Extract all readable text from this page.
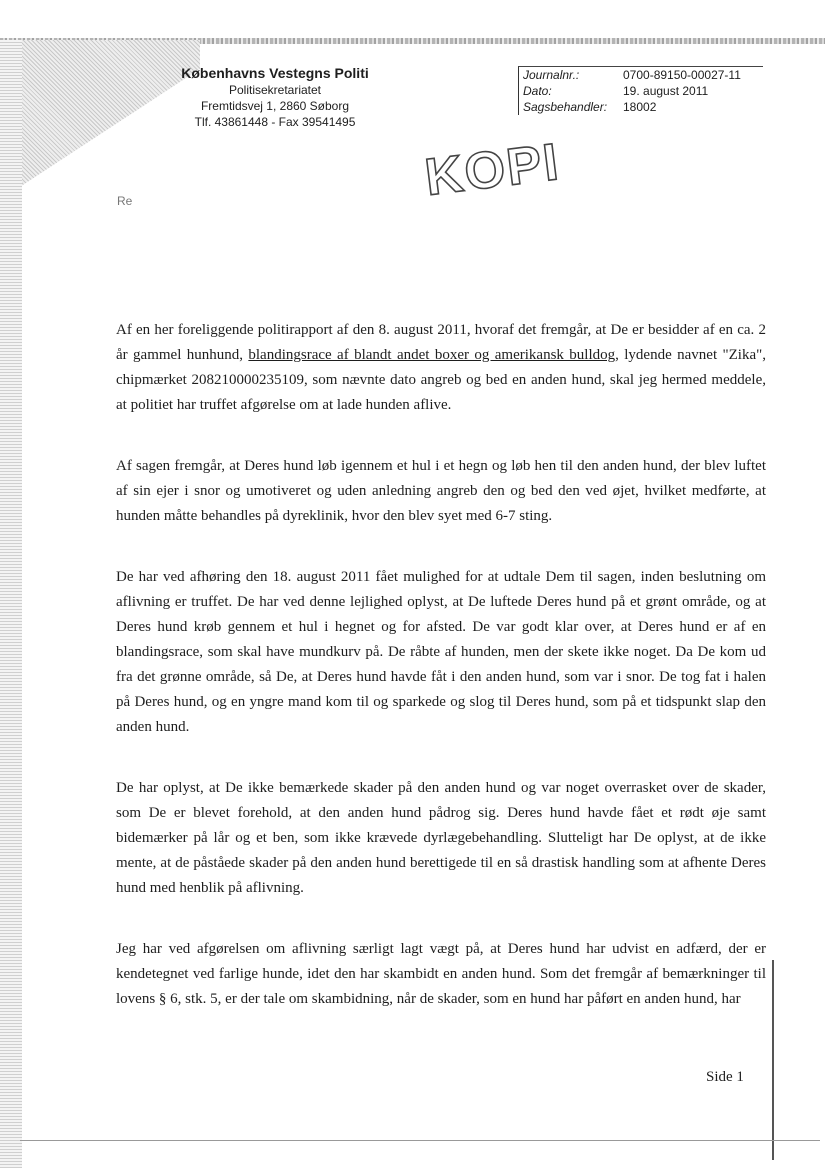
Københavns Vestegns Politi
Politisekretariatet
Fremtidsvej 1, 2860 Søborg
Tlf. 43861448 - Fax 39541495
Journalnr.:	0700-89150-00027-11
Dato:	19. august 2011
Sagsbehandler:	18002
KOPI
Re

Af en her foreliggende politirapport af den 8. august 2011, hvoraf det fremgår, at De er besidder af en ca. 2 år gammel hunhund, blandingsrace af blandt andet boxer og amerikansk bulldog, lydende navnet "Zika", chipmærket 208210000235109, som nævnte dato angreb og bed en anden hund, skal jeg hermed meddele, at politiet har truffet afgørelse om at lade hunden aflive.

Af sagen fremgår, at Deres hund løb igennem et hul i et hegn og løb hen til den anden hund, der blev luftet af sin ejer i snor og umotiveret og uden anledning angreb den og bed den ved øjet, hvilket medførte, at hunden måtte behandles på dyreklinik, hvor den blev syet med 6-7 sting.

De har ved afhøring den 18. august 2011 fået mulighed for at udtale Dem til sagen, inden beslutning om aflivning er truffet. De har ved denne lejlighed oplyst, at De luftede Deres hund på et grønt område, og at Deres hund krøb gennem et hul i hegnet og for afsted. De var godt klar over, at Deres hund er af en blandingsrace, som skal have mundkurv på. De råbte af hunden, men der skete ikke noget. Da De kom ud fra det grønne område, så De, at Deres hund havde fåt i den anden hund, som var i snor. De tog fat i halen på Deres hund, og en yngre mand kom til og sparkede og slog til Deres hund, som på et tidspunkt slap den anden hund.

De har oplyst, at De ikke bemærkede skader på den anden hund og var noget overrasket over de skader, som De er blevet forehold, at den anden hund pådrog sig. Deres hund havde fået et rødt øje samt bidemærker på lår og et ben, som ikke krævede dyrlægebehandling. Slutteligt har De oplyst, at de ikke mente, at de påståede skader på den anden hund berettigede til en så drastisk handling som at afhente Deres hund med henblik på aflivning.

Jeg har ved afgørelsen om aflivning særligt lagt vægt på, at Deres hund har udvist en adfærd, der er kendetegnet ved farlige hunde, idet den har skambidt en anden hund. Som det fremgår af bemærkninger til lovens § 6, stk. 5, er der tale om skambidning, når de skader, som en hund har påført en anden hund, har

Side 1
